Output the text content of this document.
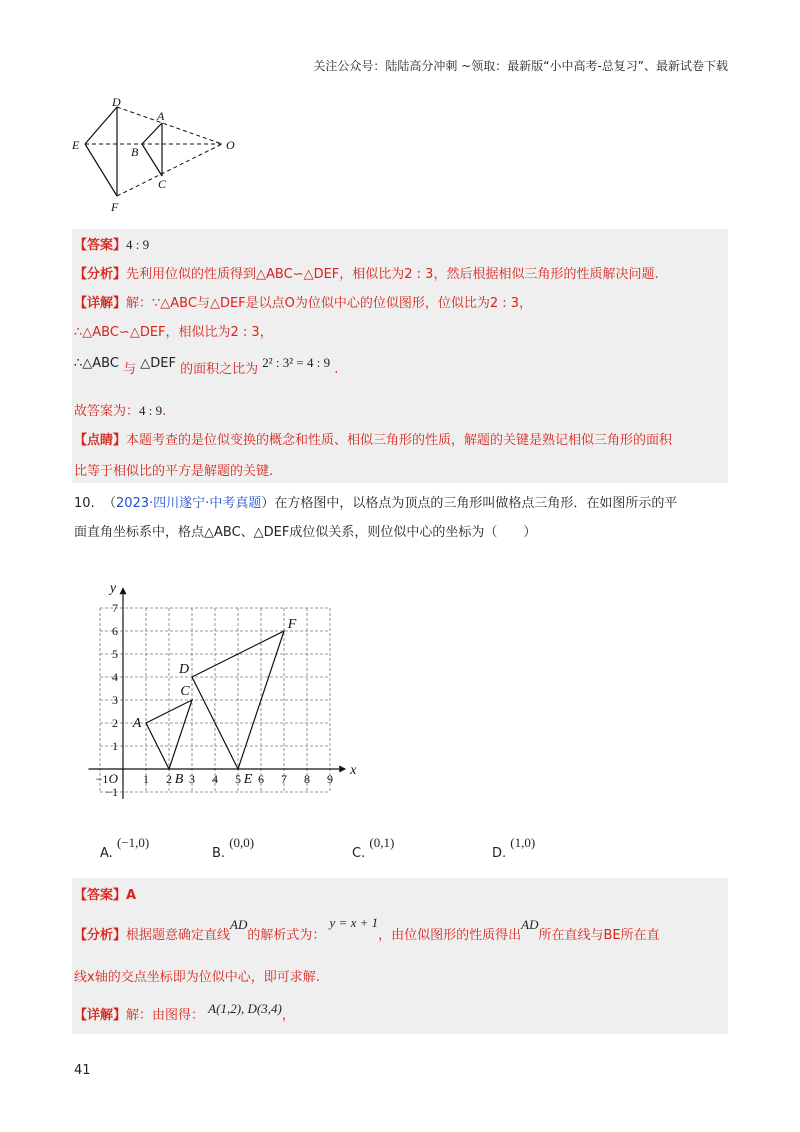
关注公众号：陆陆高分冲刺 ~领取：最新版“小中高考-总复习”、最新试卷下载
D
A
E	B	O
C
F
【答案】4 : 9
【分析】先利用位似的性质得到△ABC∽△DEF，相似比为2 : 3，然后根据相似三角形的性质解决问题.
【详解】解：∵△ABC与△DEF是以点O为位似中心的位似图形，位似比为2 : 3，
∴△ABC∽△DEF，相似比为2 : 3，
∴△ABC 与 △DEF 的面积之比为 2² : 3² = 4 : 9 .
故答案为：4 : 9.
【点睛】本题考查的是位似变换的概念和性质、相似三角形的性质，解题的关键是熟记相似三角形的面积
比等于相似比的平方是解题的关键.
10. （2023·四川遂宁·中考真题）在方格图中，以格点为顶点的三角形叫做格点三角形．在如图所示的平
面直角坐标系中，格点△ABC、△DEF成位似关系，则位似中心的坐标为（　　）
−1	1 2 3 4 5 6 7 8 9
−1
1
2
3
4
5
6
7
O
x
y
A
B
C
D
E
F
A. (−1,0)
B. (0,0)
C. (0,1)
D. (1,0)
【答案】A
【分析】根据题意确定直线AD的解析式为： y = x + 1，由位似图形的性质得出AD所在直线与BE所在直
线x轴的交点坐标即为位似中心，即可求解.
【详解】解：由图得： A(1,2), D(3,4)，
41
